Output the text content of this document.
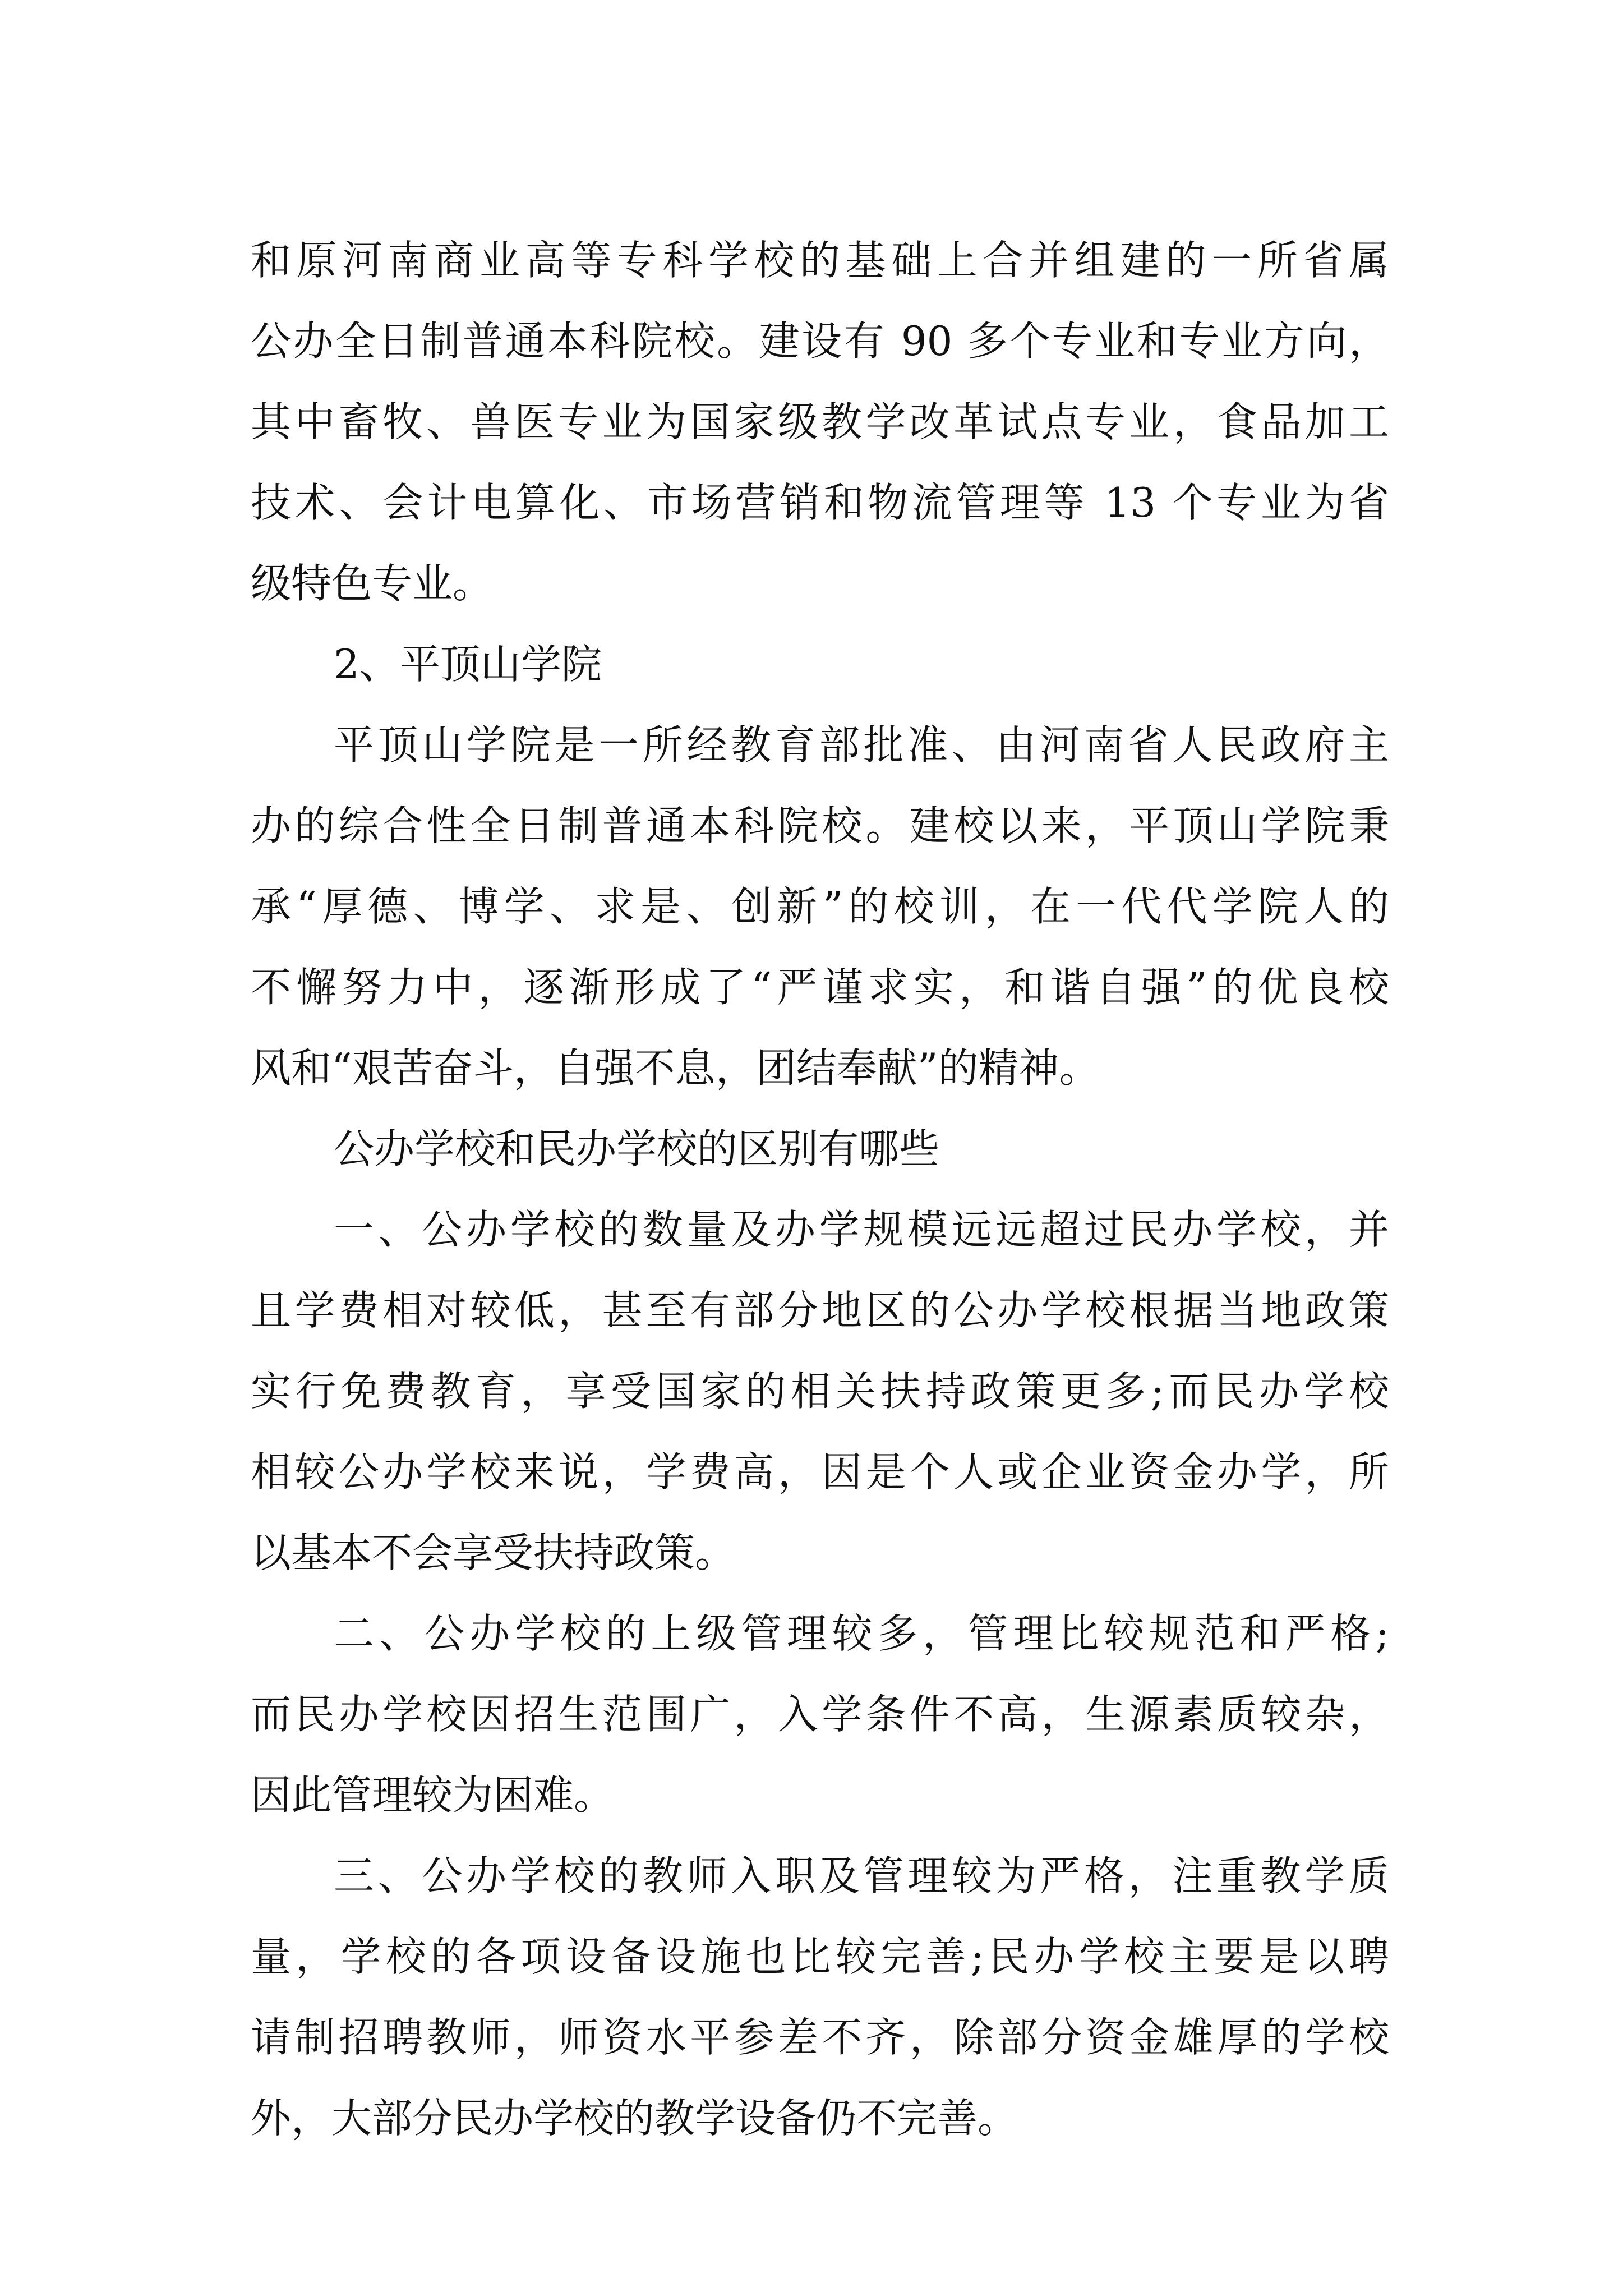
和原河南商业高等专科学校的基础上合并组建的一所省属
公办全日制普通本科院校。建设有 90 多个专业和专业方向，
其中畜牧、兽医专业为国家级教学改革试点专业，食品加工
技术、会计电算化、市场营销和物流管理等 13 个专业为省
级特色专业。
2、平顶山学院
平顶山学院是一所经教育部批准、由河南省人民政府主
办的综合性全日制普通本科院校。建校以来，平顶山学院秉
承“厚德、博学、求是、创新”的校训，在一代代学院人的
不懈努力中，逐渐形成了“严谨求实，和谐自强”的优良校
风和“艰苦奋斗，自强不息，团结奉献”的精神。
公办学校和民办学校的区别有哪些
一、公办学校的数量及办学规模远远超过民办学校，并
且学费相对较低，甚至有部分地区的公办学校根据当地政策
实行免费教育，享受国家的相关扶持政策更多;而民办学校
相较公办学校来说，学费高，因是个人或企业资金办学，所
以基本不会享受扶持政策。
二、公办学校的上级管理较多，管理比较规范和严格;
而民办学校因招生范围广，入学条件不高，生源素质较杂，
因此管理较为困难。
三、公办学校的教师入职及管理较为严格，注重教学质
量，学校的各项设备设施也比较完善;民办学校主要是以聘
请制招聘教师，师资水平参差不齐，除部分资金雄厚的学校
外，大部分民办学校的教学设备仍不完善。
